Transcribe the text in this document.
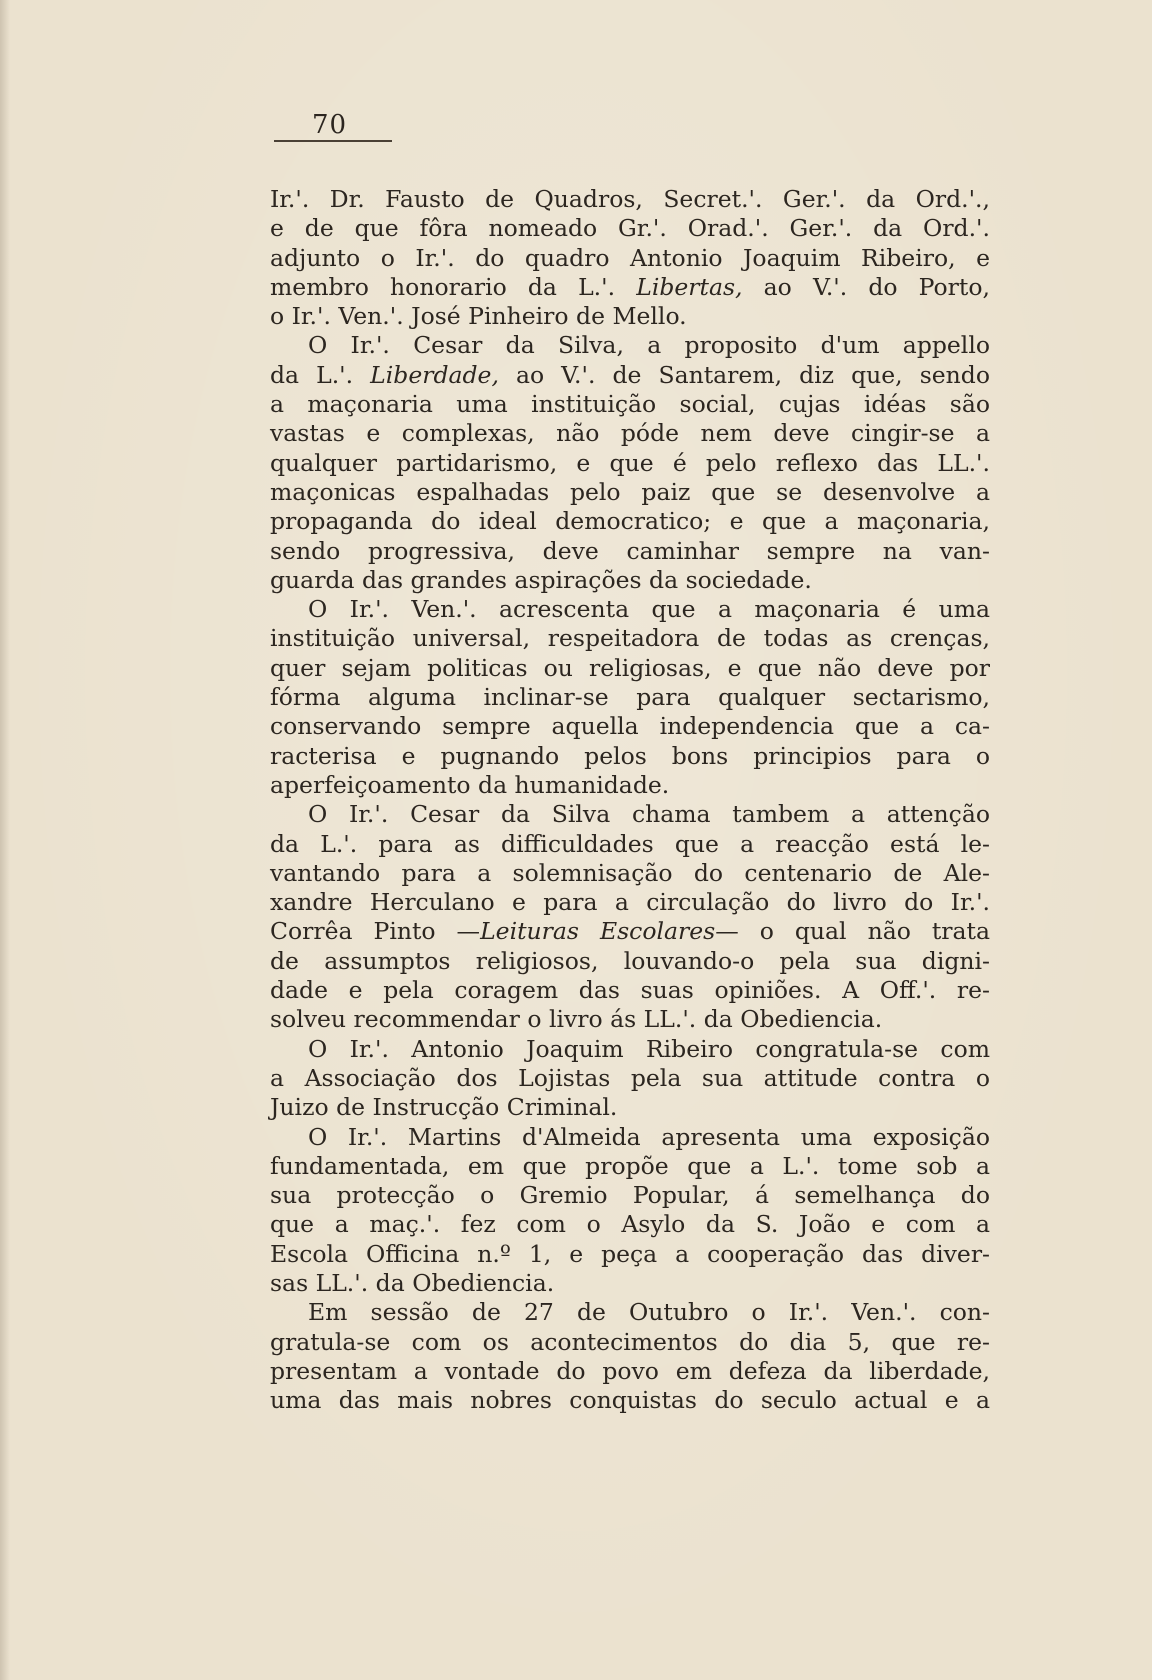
70
Ir.'. Dr. Fausto de Quadros, Secret.'. Ger.'. da Ord.'.,
e de que fôra nomeado Gr.'. Orad.'. Ger.'. da Ord.'.
adjunto o Ir.'. do quadro Antonio Joaquim Ribeiro, e
membro honorario da L.'. Libertas, ao V.'. do Porto,
o Ir.'. Ven.'. José Pinheiro de Mello.
O Ir.'. Cesar da Silva, a proposito d'um appello
da L.'. Liberdade, ao V.'. de Santarem, diz que, sendo
a maçonaria uma instituição social, cujas idéas são
vastas e complexas, não póde nem deve cingir-se a
qualquer partidarismo, e que é pelo reflexo das LL.'.
maçonicas espalhadas pelo paiz que se desenvolve a
propaganda do ideal democratico; e que a maçonaria,
sendo progressiva, deve caminhar sempre na van-
guarda das grandes aspirações da sociedade.
O Ir.'. Ven.'. acrescenta que a maçonaria é uma
instituição universal, respeitadora de todas as crenças,
quer sejam politicas ou religiosas, e que não deve por
fórma alguma inclinar-se para qualquer sectarismo,
conservando sempre aquella independencia que a ca-
racterisa e pugnando pelos bons principios para o
aperfeiçoamento da humanidade.
O Ir.'. Cesar da Silva chama tambem a attenção
da L.'. para as difficuldades que a reacção está le-
vantando para a solemnisação do centenario de Ale-
xandre Herculano e para a circulação do livro do Ir.'.
Corrêa Pinto —Leituras Escolares— o qual não trata
de assumptos religiosos, louvando-o pela sua digni-
dade e pela coragem das suas opiniões. A Off.'. re-
solveu recommendar o livro ás LL.'. da Obediencia.
O Ir.'. Antonio Joaquim Ribeiro congratula-se com
a Associação dos Lojistas pela sua attitude contra o
Juizo de Instrucção Criminal.
O Ir.'. Martins d'Almeida apresenta uma exposição
fundamentada, em que propõe que a L.'. tome sob a
sua protecção o Gremio Popular, á semelhança do
que a maç.'. fez com o Asylo da S. João e com a
Escola Officina n.º 1, e peça a cooperação das diver-
sas LL.'. da Obediencia.
Em sessão de 27 de Outubro o Ir.'. Ven.'. con-
gratula-se com os acontecimentos do dia 5, que re-
presentam a vontade do povo em defeza da liberdade,
uma das mais nobres conquistas do seculo actual e a
